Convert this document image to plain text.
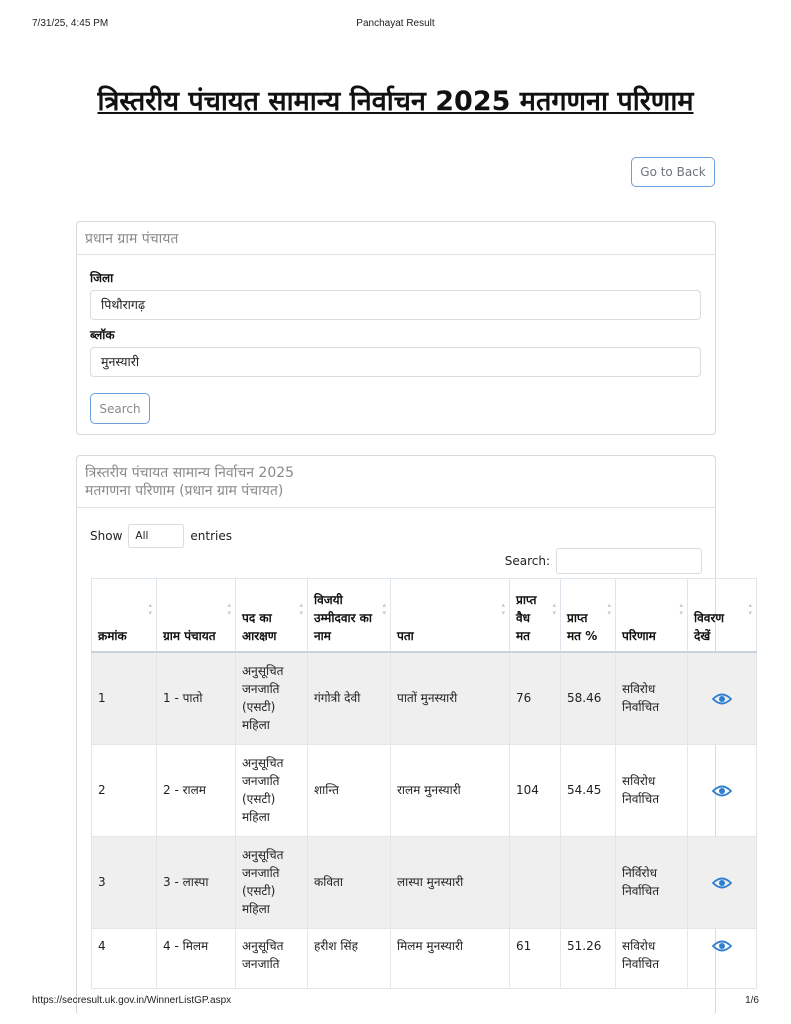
7/31/25, 4:45 PM	Panchayat Result
त्रिस्तरीय पंचायत सामान्य निर्वाचन 2025 मतगणना परिणाम
Go to Back
प्रधान ग्राम पंचायत
जिला
पिथौरागढ़
ब्लॉक
मुनस्यारी
Search
त्रिस्तरीय पंचायत सामान्य निर्वाचन 2025
मतगणना परिणाम (प्रधान ग्राम पंचायत)
Show	All	entries
Search:
क्रमांक ▴ ▾	ग्राम पंचायत ▴ ▾	पद का आरक्षण ▴ ▾	विजयी उम्मीदवार का नाम ▴ ▾	पता ▴ ▾	प्राप्त वैध मत ▴ ▾	प्राप्त मत % ▴ ▾	परिणाम ▴ ▾	विवरण देखें ▴ ▾
1	1 - पातो	अनुसूचित जनजाति (एसटी) महिला	गंगोत्री देवी	पातों मुनस्यारी	76	58.46	सविरोध निर्वाचित	
2	2 - रालम	अनुसूचित जनजाति (एसटी) महिला	शान्ति	रालम मुनस्यारी	104	54.45	सविरोध निर्वाचित	
3	3 - लास्पा	अनुसूचित जनजाति (एसटी) महिला	कविता	लास्पा मुनस्यारी			निर्विरोध निर्वाचित	
4	4 - मिलम	अनुसूचित जनजाति	हरीश सिंह	मिलम मुनस्यारी	61	51.26	सविरोध निर्वाचित	
https://secresult.uk.gov.in/WinnerListGP.aspx	1/6
